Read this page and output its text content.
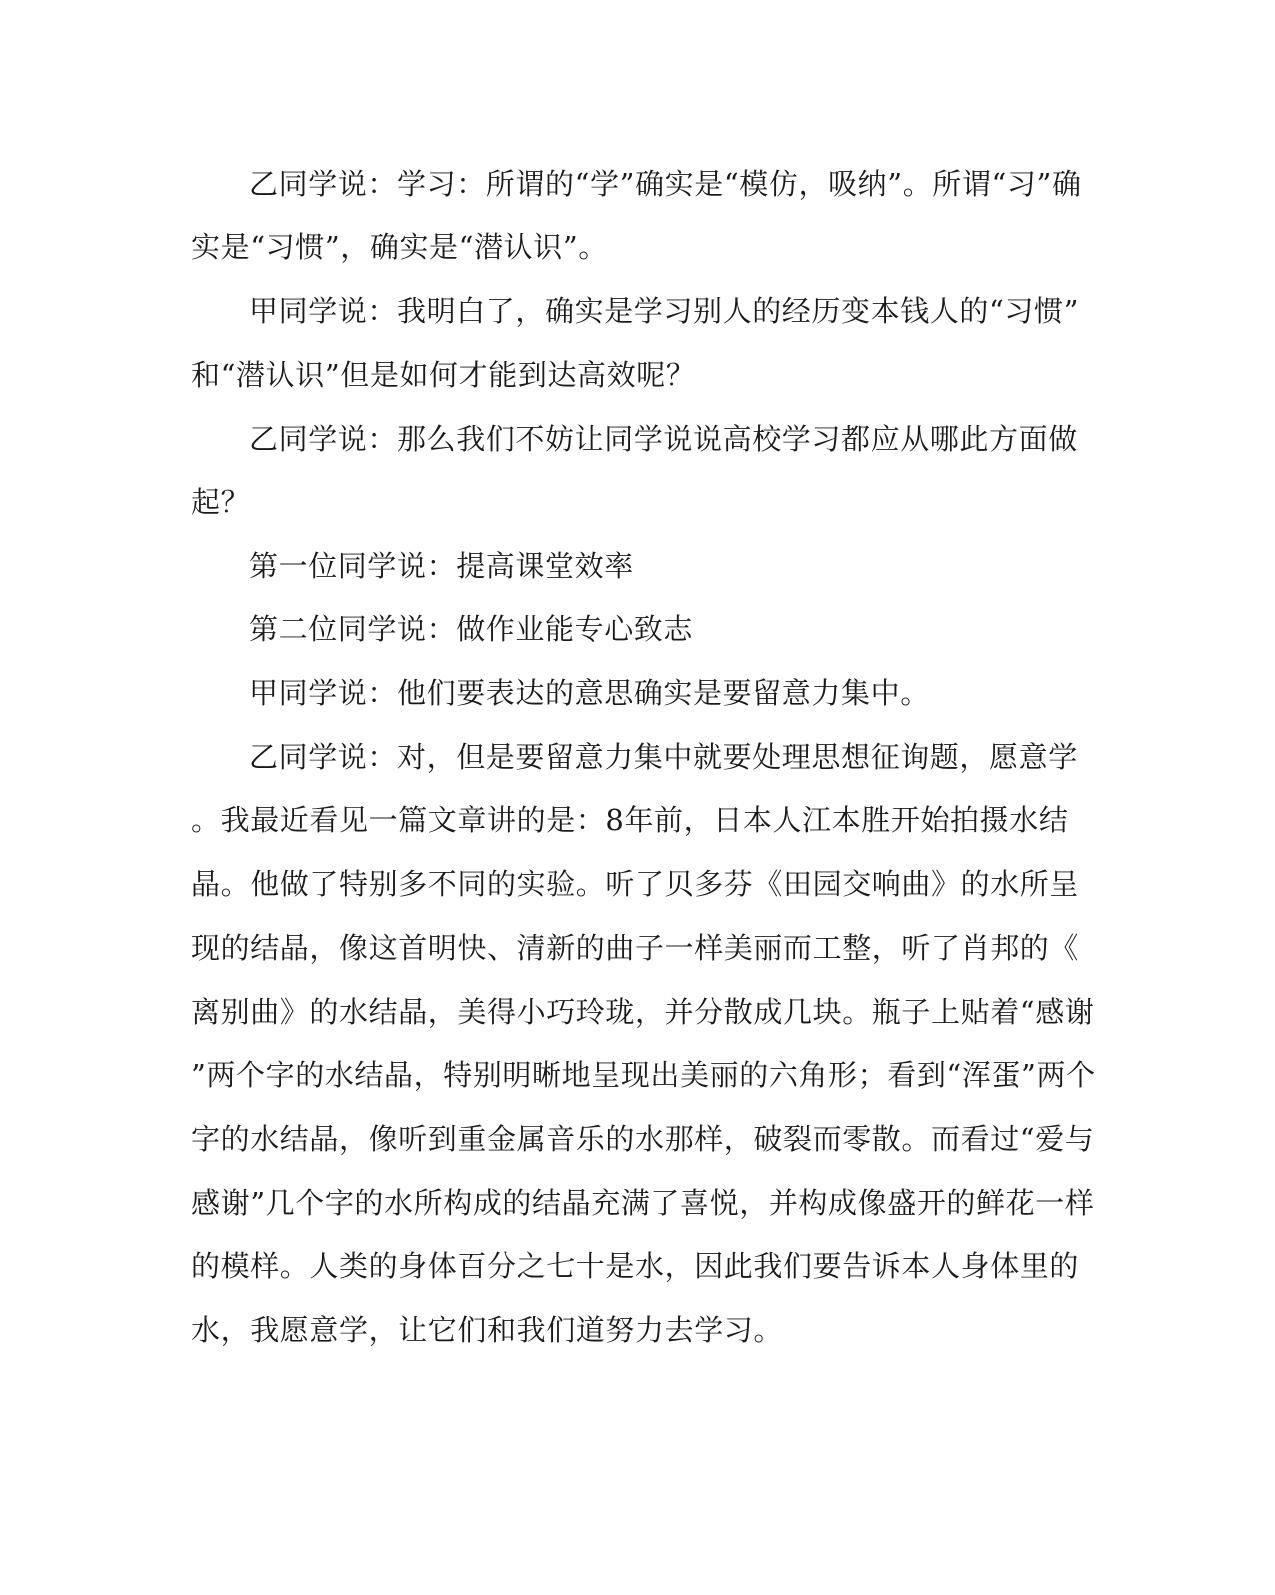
乙同学说：学习：所谓的“学”确实是“模仿，吸纳”。所谓“习”确
实是“习惯”，确实是“潜认识”。
甲同学说：我明白了，确实是学习别人的经历变本钱人的“习惯”
和“潜认识”但是如何才能到达高效呢？
乙同学说：那么我们不妨让同学说说高校学习都应从哪此方面做
起？
第一位同学说：提高课堂效率
第二位同学说：做作业能专心致志
甲同学说：他们要表达的意思确实是要留意力集中。
乙同学说：对，但是要留意力集中就要处理思想征询题，愿意学
。我最近看见一篇文章讲的是：8年前，日本人江本胜开始拍摄水结
晶。他做了特别多不同的实验。听了贝多芬《田园交响曲》的水所呈
现的结晶，像这首明快、清新的曲子一样美丽而工整，听了肖邦的《
离别曲》的水结晶，美得小巧玲珑，并分散成几块。瓶子上贴着“感谢
”两个字的水结晶，特别明晰地呈现出美丽的六角形；看到“浑蛋”两个
字的水结晶，像听到重金属音乐的水那样，破裂而零散。而看过“爱与
感谢”几个字的水所构成的结晶充满了喜悦，并构成像盛开的鲜花一样
的模样。人类的身体百分之七十是水，因此我们要告诉本人身体里的
水，我愿意学，让它们和我们道努力去学习。
